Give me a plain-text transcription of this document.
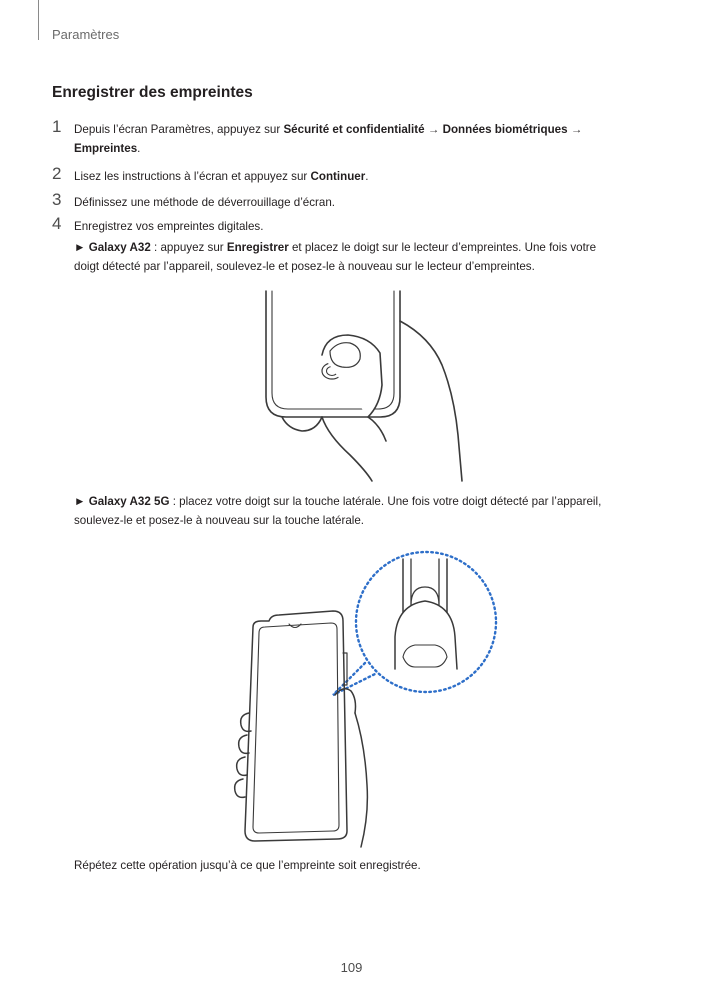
Paramètres
Enregistrer des empreintes
1 Depuis l’écran Paramètres, appuyez sur Sécurité et confidentialité → Données biométriques →
Empreintes.
2 Lisez les instructions à l’écran et appuyez sur Continuer.
3 Définissez une méthode de déverrouillage d’écran.
4 Enregistrez vos empreintes digitales.
► Galaxy A32 : appuyez sur Enregistrer et placez le doigt sur le lecteur d’empreintes. Une fois votre
doigt détecté par l’appareil, soulevez-le et posez-le à nouveau sur le lecteur d’empreintes.
► Galaxy A32 5G : placez votre doigt sur la touche latérale. Une fois votre doigt détecté par l’appareil,
soulevez-le et posez-le à nouveau sur la touche latérale.
Répétez cette opération jusqu’à ce que l’empreinte soit enregistrée.
109
